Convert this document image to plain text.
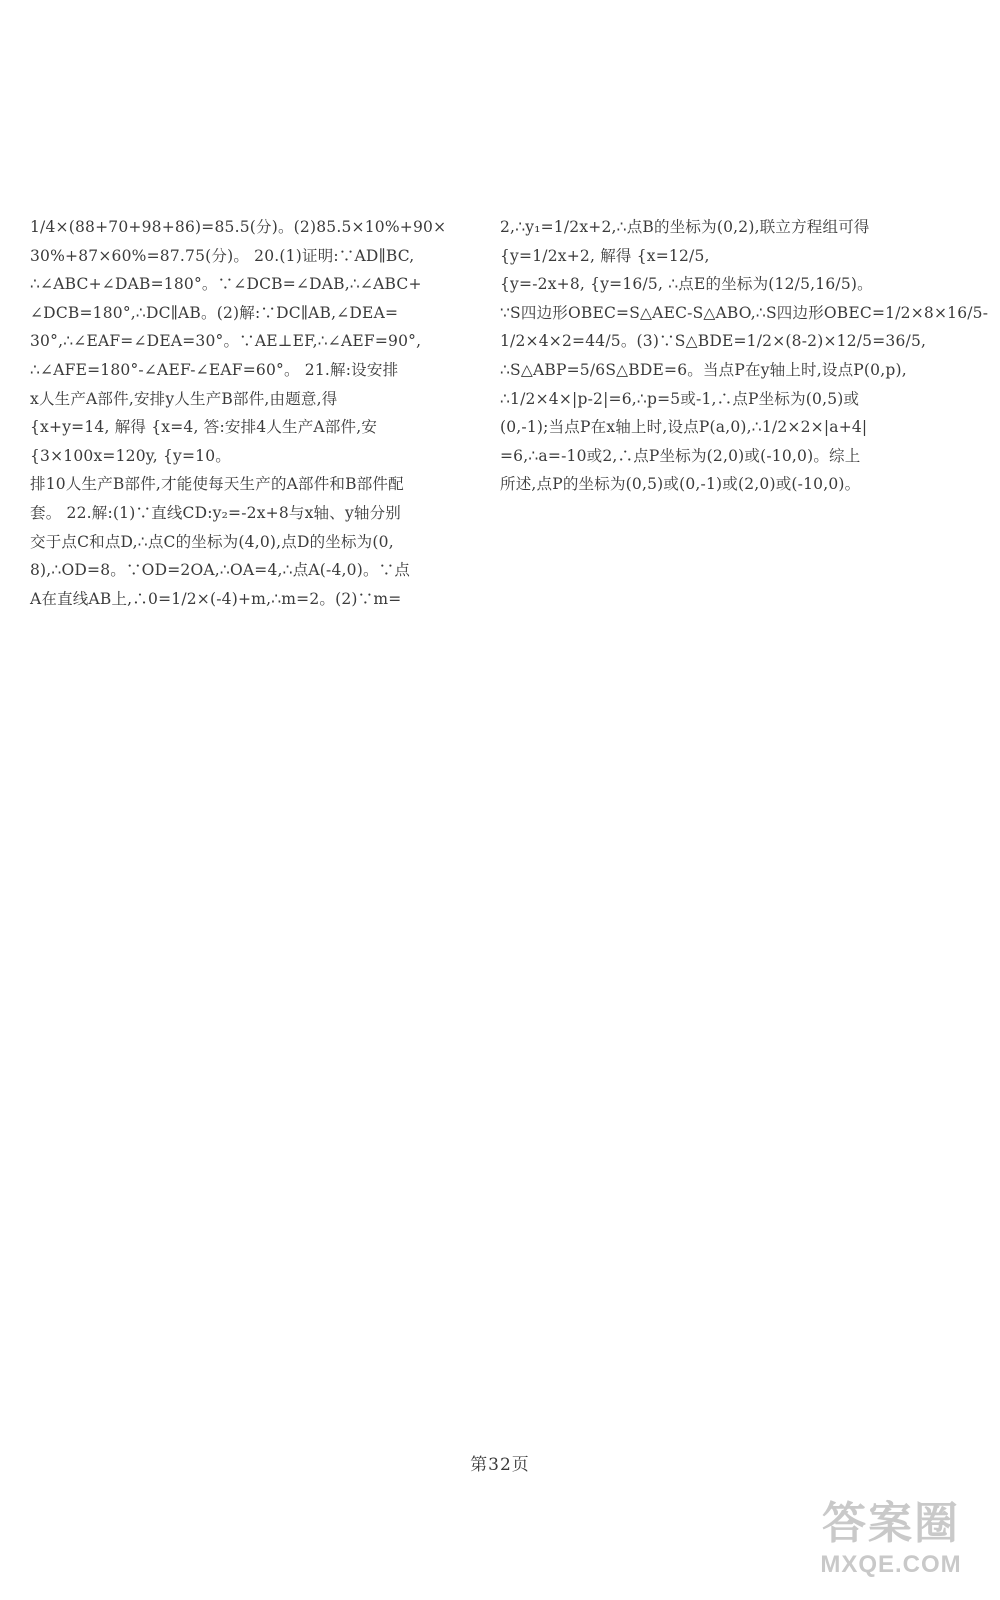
1/4×(88+70+98+86)=85.5(分)。(2)85.5×10%+90×
30%+87×60%=87.75(分)。 20.(1)证明:∵AD∥BC,
∴∠ABC+∠DAB=180°。∵∠DCB=∠DAB,∴∠ABC+
∠DCB=180°,∴DC∥AB。(2)解:∵DC∥AB,∠DEA=
30°,∴∠EAF=∠DEA=30°。∵AE⊥EF,∴∠AEF=90°,
∴∠AFE=180°-∠AEF-∠EAF=60°。 21.解:设安排
x人生产A部件,安排y人生产B部件,由题意,得
{x+y=14, 解得 {x=4, 答:安排4人生产A部件,安
{3×100x=120y, {y=10。
排10人生产B部件,才能使每天生产的A部件和B部件配
套。 22.解:(1)∵直线CD:y₂=-2x+8与x轴、y轴分别
交于点C和点D,∴点C的坐标为(4,0),点D的坐标为(0,
8),∴OD=8。∵OD=2OA,∴OA=4,∴点A(-4,0)。∵点
A在直线AB上,∴0=1/2×(-4)+m,∴m=2。(2)∵m=
2,∴y₁=1/2x+2,∴点B的坐标为(0,2),联立方程组可得
{y=1/2x+2, 解得 {x=12/5,
{y=-2x+8, {y=16/5, ∴点E的坐标为(12/5,16/5)。
∵S四边形OBEC=S△AEC-S△ABO,∴S四边形OBEC=1/2×8×16/5-
1/2×4×2=44/5。(3)∵S△BDE=1/2×(8-2)×12/5=36/5,
∴S△ABP=5/6S△BDE=6。当点P在y轴上时,设点P(0,p),
∴1/2×4×|p-2|=6,∴p=5或-1,∴点P坐标为(0,5)或
(0,-1);当点P在x轴上时,设点P(a,0),∴1/2×2×|a+4|
=6,∴a=-10或2,∴点P坐标为(2,0)或(-10,0)。综上
所述,点P的坐标为(0,5)或(0,-1)或(2,0)或(-10,0)。
第32页
答案圈
MXQE.COM
